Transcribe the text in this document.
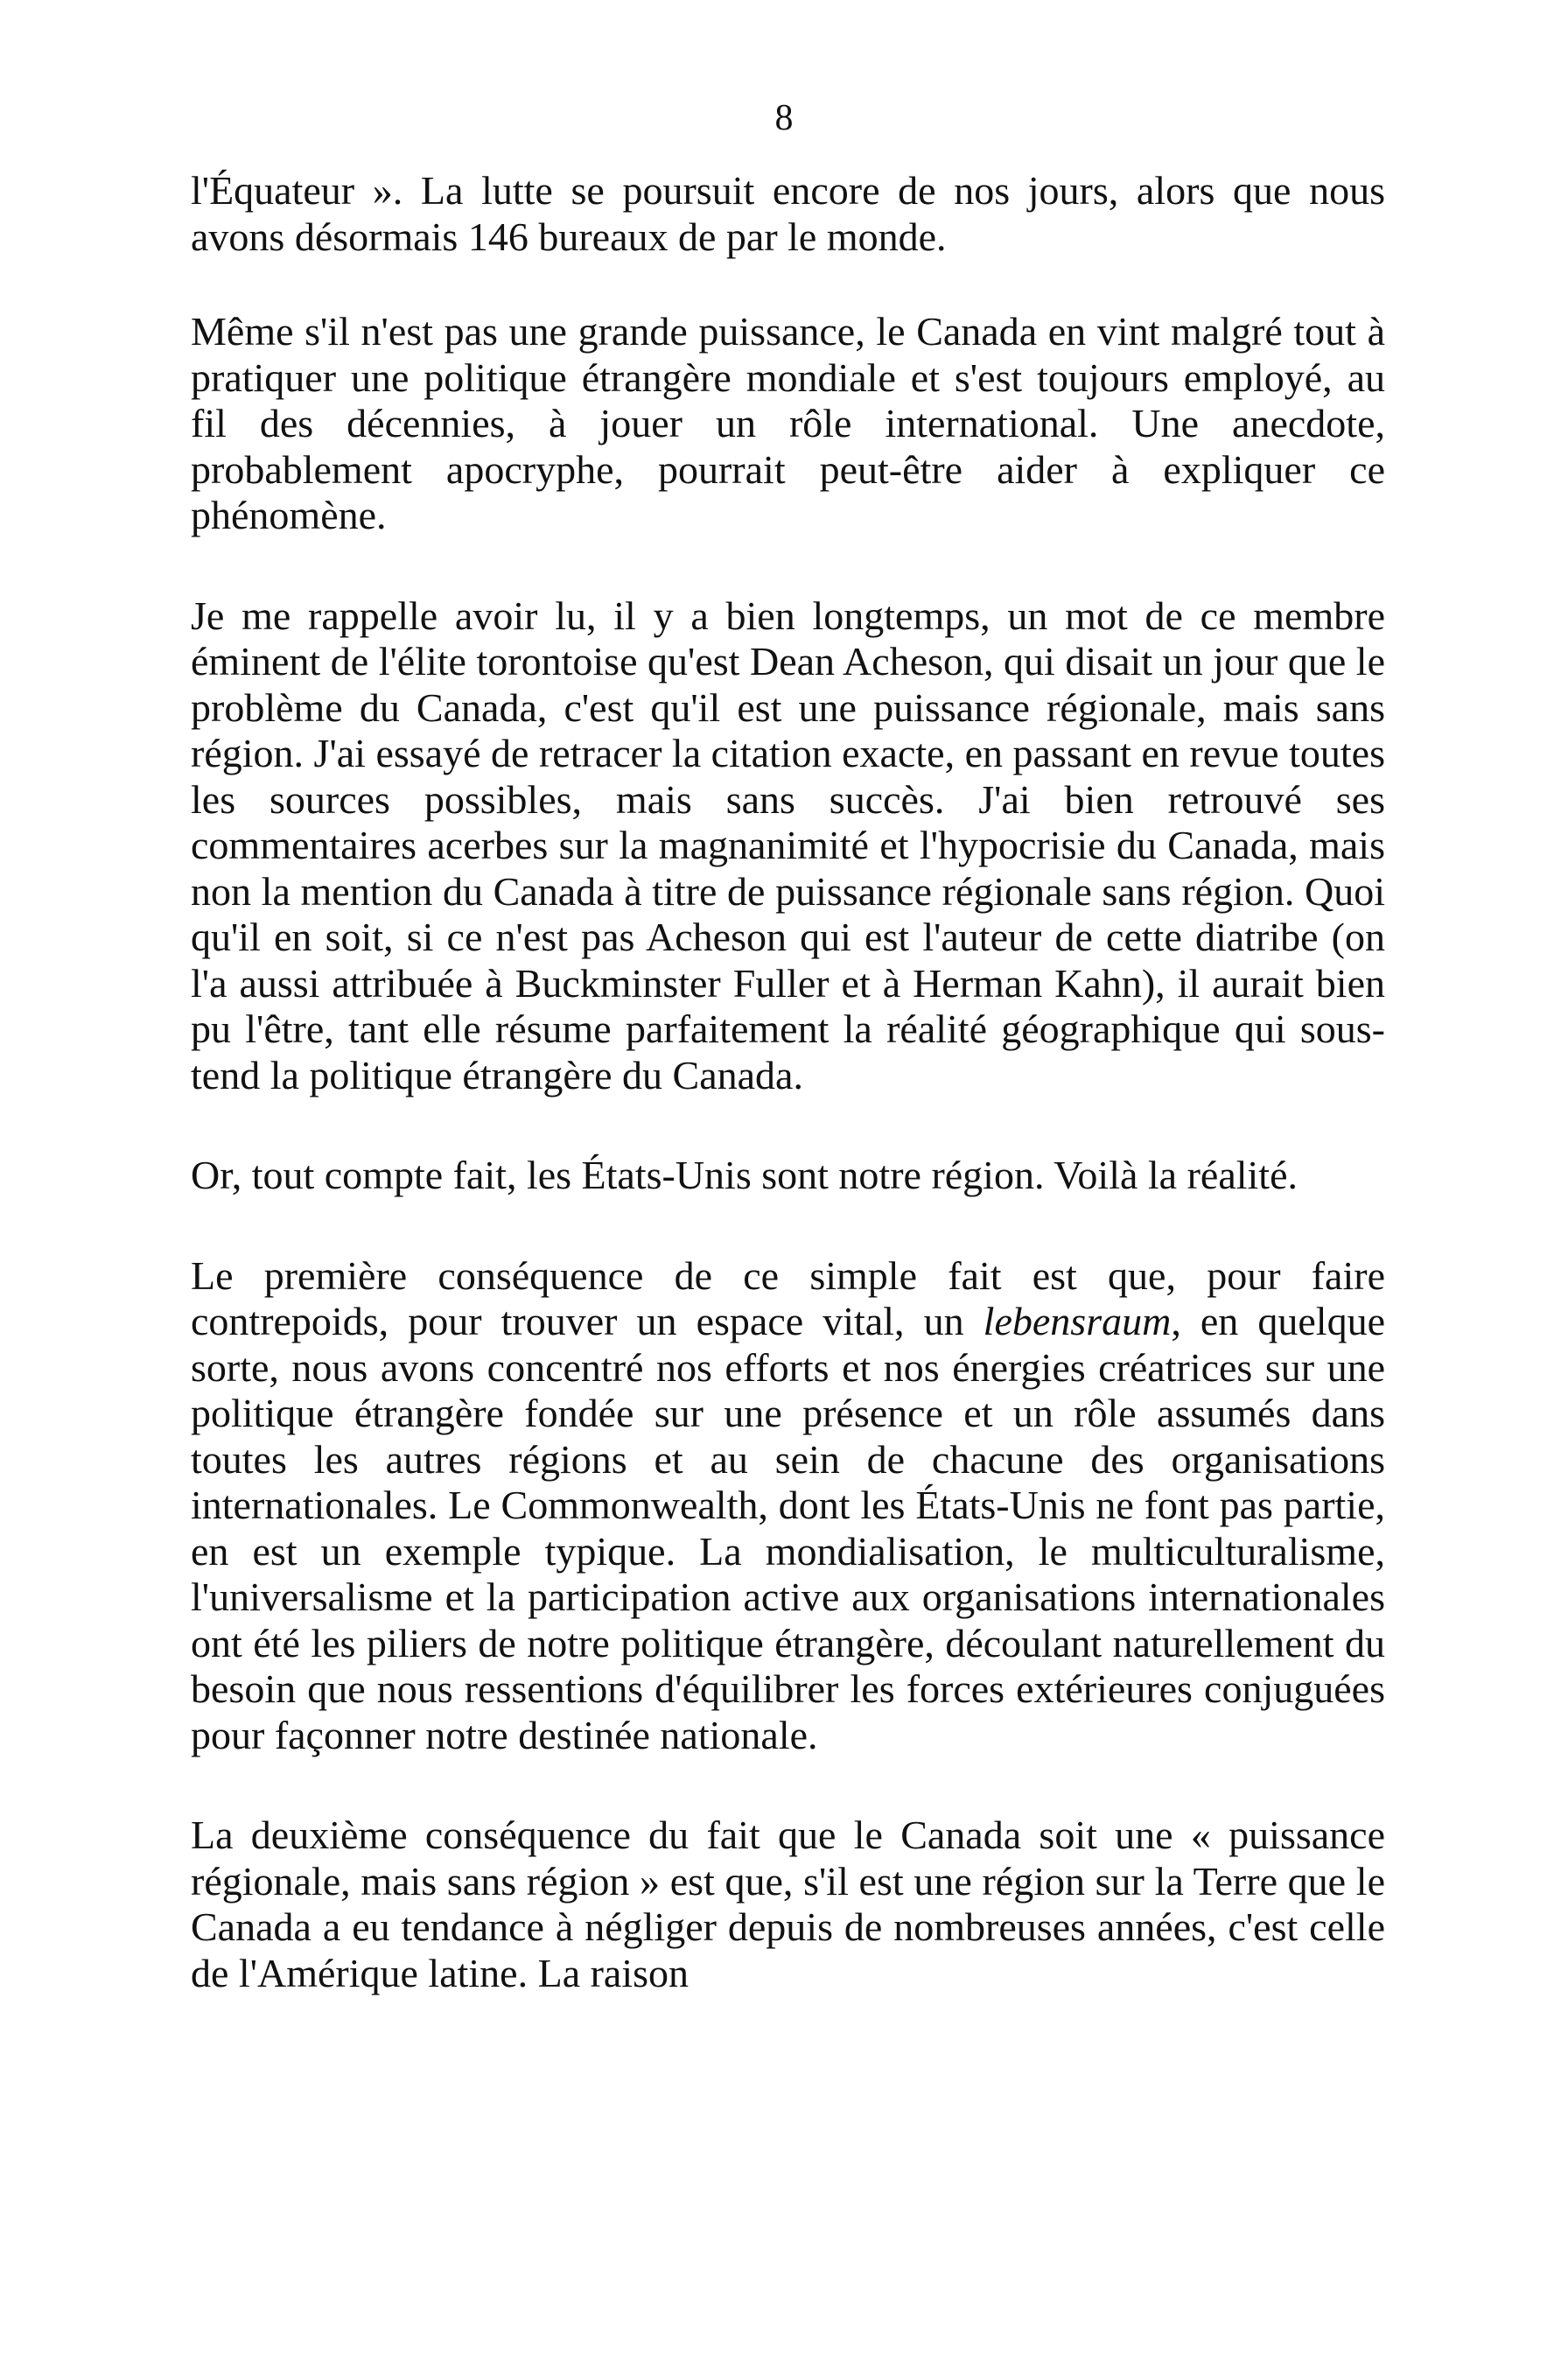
8

l'Équateur ». La lutte se poursuit encore de nos jours, alors que nous avons désormais 146 bureaux de par le monde.

Même s'il n'est pas une grande puissance, le Canada en vint malgré tout à pratiquer une politique étrangère mondiale et s'est toujours employé, au fil des décennies, à jouer un rôle international. Une anecdote, probablement apocryphe, pourrait peut-être aider à expliquer ce phénomène.

Je me rappelle avoir lu, il y a bien longtemps, un mot de ce membre éminent de l'élite torontoise qu'est Dean Acheson, qui disait un jour que le problème du Canada, c'est qu'il est une puissance régionale, mais sans région. J'ai essayé de retracer la citation exacte, en passant en revue toutes les sources possibles, mais sans succès. J'ai bien retrouvé ses commentaires acerbes sur la magnanimité et l'hypocrisie du Canada, mais non la mention du Canada à titre de puissance régionale sans région. Quoi qu'il en soit, si ce n'est pas Acheson qui est l'auteur de cette diatribe (on l'a aussi attribuée à Buckminster Fuller et à Herman Kahn), il aurait bien pu l'être, tant elle résume parfaitement la réalité géographique qui sous-tend la politique étrangère du Canada.

Or, tout compte fait, les États-Unis sont notre région. Voilà la réalité.

Le première conséquence de ce simple fait est que, pour faire contrepoids, pour trouver un espace vital, un lebensraum, en quelque sorte, nous avons concentré nos efforts et nos énergies créatrices sur une politique étrangère fondée sur une présence et un rôle assumés dans toutes les autres régions et au sein de chacune des organisations internationales. Le Commonwealth, dont les États-Unis ne font pas partie, en est un exemple typique. La mondialisation, le multiculturalisme, l'universalisme et la participation active aux organisations internationales ont été les piliers de notre politique étrangère, découlant naturellement du besoin que nous ressentions d'équilibrer les forces extérieures conjuguées pour façonner notre destinée nationale.

La deuxième conséquence du fait que le Canada soit une « puissance régionale, mais sans région » est que, s'il est une région sur la Terre que le Canada a eu tendance à négliger depuis de nombreuses années, c'est celle de l'Amérique latine. La raison
